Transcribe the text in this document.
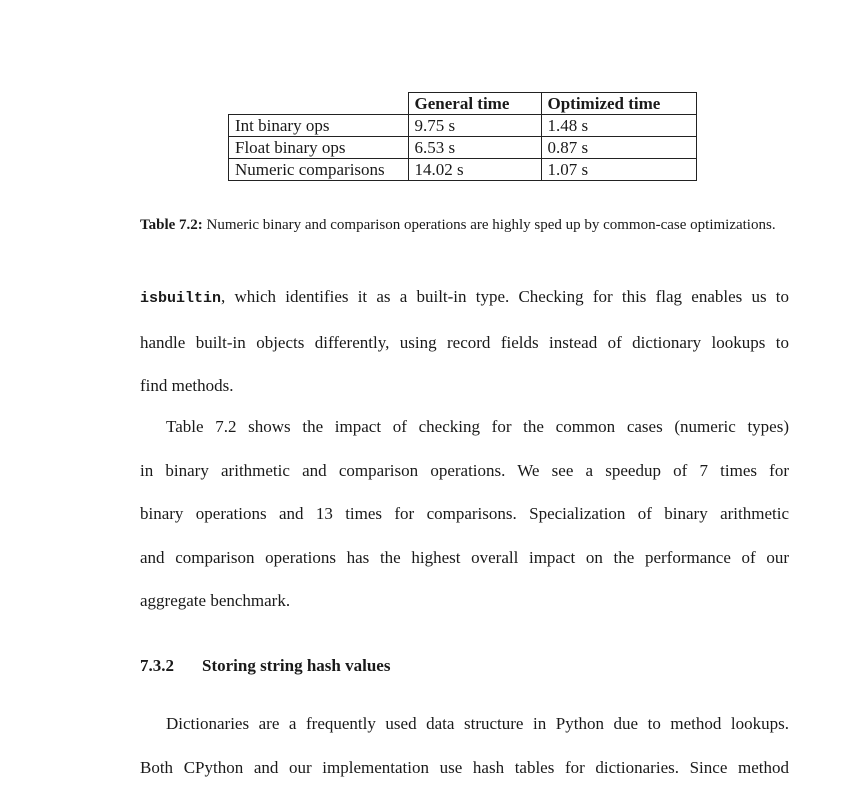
	General time	Optimized time
Int binary ops	9.75 s	1.48 s
Float binary ops	6.53 s	0.87 s
Numeric comparisons	14.02 s	1.07 s
Table 7.2: Numeric binary and comparison operations are highly sped up by common-case optimizations.
isbuiltin, which identifies it as a built-in type. Checking for this flag enables us to
handle built-in objects differently, using record fields instead of dictionary lookups to
find methods.
Table 7.2 shows the impact of checking for the common cases (numeric types)
in binary arithmetic and comparison operations. We see a speedup of 7 times for
binary operations and 13 times for comparisons. Specialization of binary arithmetic
and comparison operations has the highest overall impact on the performance of our
aggregate benchmark.
7.3.2 Storing string hash values
Dictionaries are a frequently used data structure in Python due to method lookups.
Both CPython and our implementation use hash tables for dictionaries. Since method
